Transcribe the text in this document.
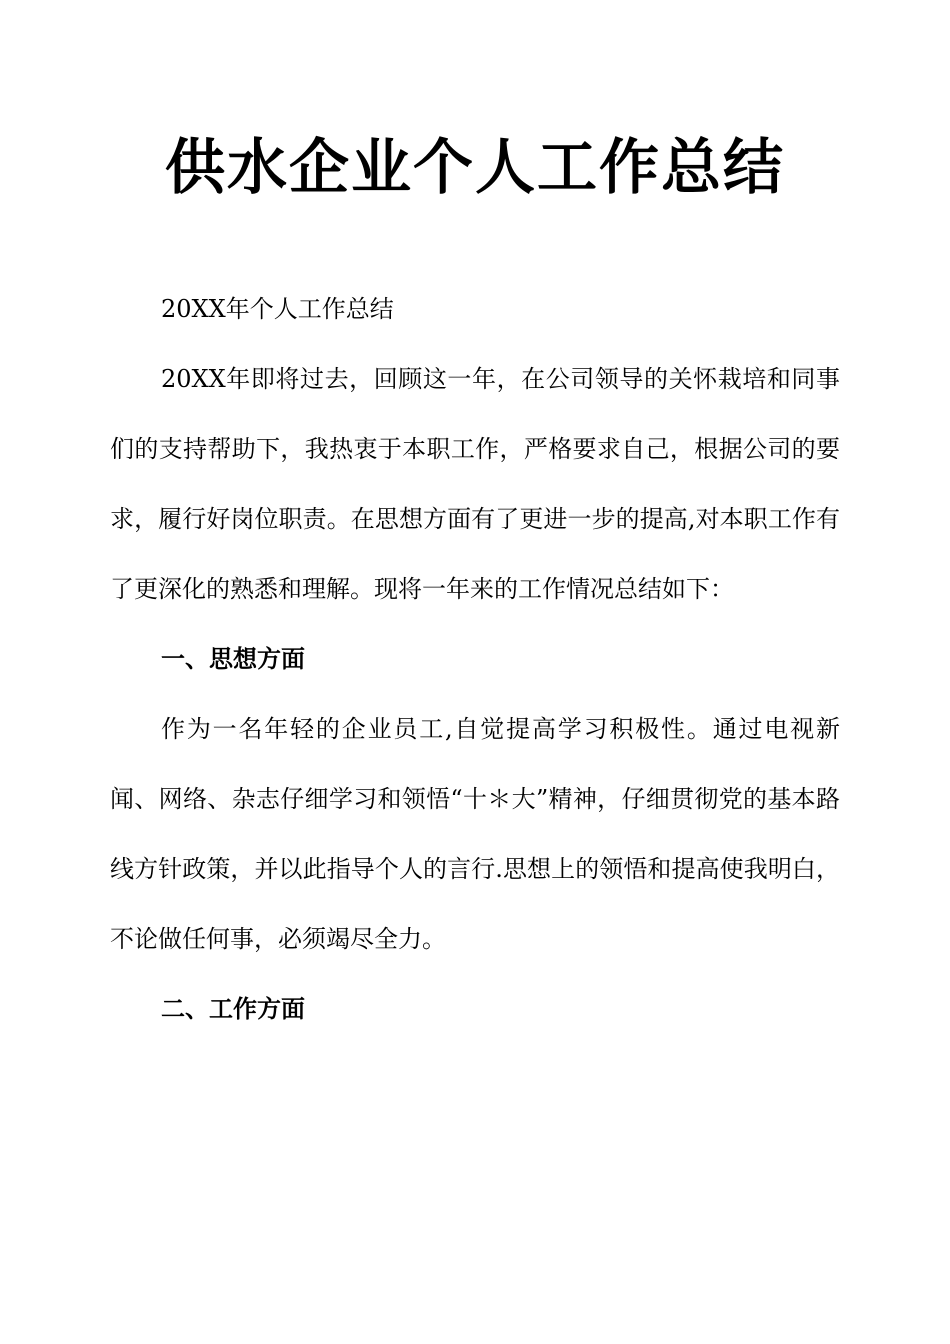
供水企业个人工作总结

20XX年个人工作总结

20XX年即将过去，回顾这一年，在公司领导的关怀栽培和同事们的支持帮助下，我热衷于本职工作，严格要求自己，根据公司的要求，履行好岗位职责。在思想方面有了更进一步的提高,对本职工作有了更深化的熟悉和理解。现将一年来的工作情况总结如下：

一、思想方面

作为一名年轻的企业员工,自觉提高学习积极性。通过电视新闻、网络、杂志仔细学习和领悟“十＊大”精神，仔细贯彻党的基本路线方针政策，并以此指导个人的言行.思想上的领悟和提高使我明白，不论做任何事，必须竭尽全力。

二、工作方面
